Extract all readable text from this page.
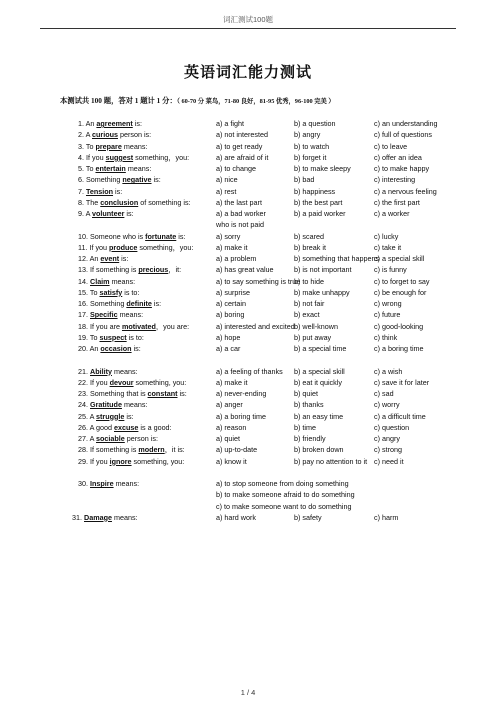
词汇测试100题
英语词汇能力测试
本测试共 100 题，答对 1 题计 1 分：（ 60-70 分 菜鸟，71-80 良好，81-95 优秀，96-100 完美 ）
1. An agreement is:	a) a fight	b) a question	c) an understanding
2. A curious person is:	a) not interested	b) angry	c) full of questions
3. To prepare means:	a) to get ready	b) to watch	c) to leave
4. If you suggest something，you:	a) are afraid of it	b) forget it	c) offer an idea
5. To entertain means:	a) to change	b) to make sleepy	c) to make happy
6. Something negative is:	a) nice	b) bad	c) interesting
7. Tension is:	a) rest	b) happiness	c) a nervous feeling
8. The conclusion of something is:	a) the last part	b) the best part	c) the first part
9. A volunteer is:	a) a bad worker	b) a paid worker	c) a worker
who is not paid
10. Someone who is fortunate is:	a) sorry	b) scared	c) lucky
11. If you produce something，you:	a) make it	b) break it	c) take it
12. An event is:	a) a problem	b) something that happens
c) a special skill
13. If something is precious，it:	a) has great value	b) is not important	c) is funny
14. Claim means:	a) to say something is true
b) to hide	c) to forget to say
15. To satisfy is to:	a) surprise	b) make unhappy	c) be enough for
16. Something definite is:	a) certain	b) not fair	c) wrong
17. Specific means:	a) boring	b) exact	c) future
18. If you are motivated，you are:	a) interested and excited b) well-known	c) good-looking
19. To suspect is to:	a) hope	b) put away	c) think
20. An occasion is:	a) a car	b) a special time	c) a boring time
21. Ability means:	a) a feeling of thanks b) a special skill	c) a wish
22. If you devour something, you:	a) make it	b) eat it quickly	c) save it for later
23. Something that is constant is:	a) never-ending	b) quiet	c) sad
24. Gratitude means:	a) anger	b) thanks	c) worry
25. A struggle is:	a) a boring time	b) an easy time	c) a difficult time
26. A good excuse is a good:	a) reason	b) time	c) question
27. A sociable person is:	a) quiet	b) friendly	c) angry
28. If something is modern，it is:	a) up-to-date	b) broken down	c) strong
29. If you ignore something, you:	a) know it	b) pay no attention to it c) need it
30. Inspire means:	a) to stop someone from doing something
b) to make someone afraid to do something
c) to make someone want to do something
31. Damage means:	a) hard work	b) safety	c) harm
1 / 4
